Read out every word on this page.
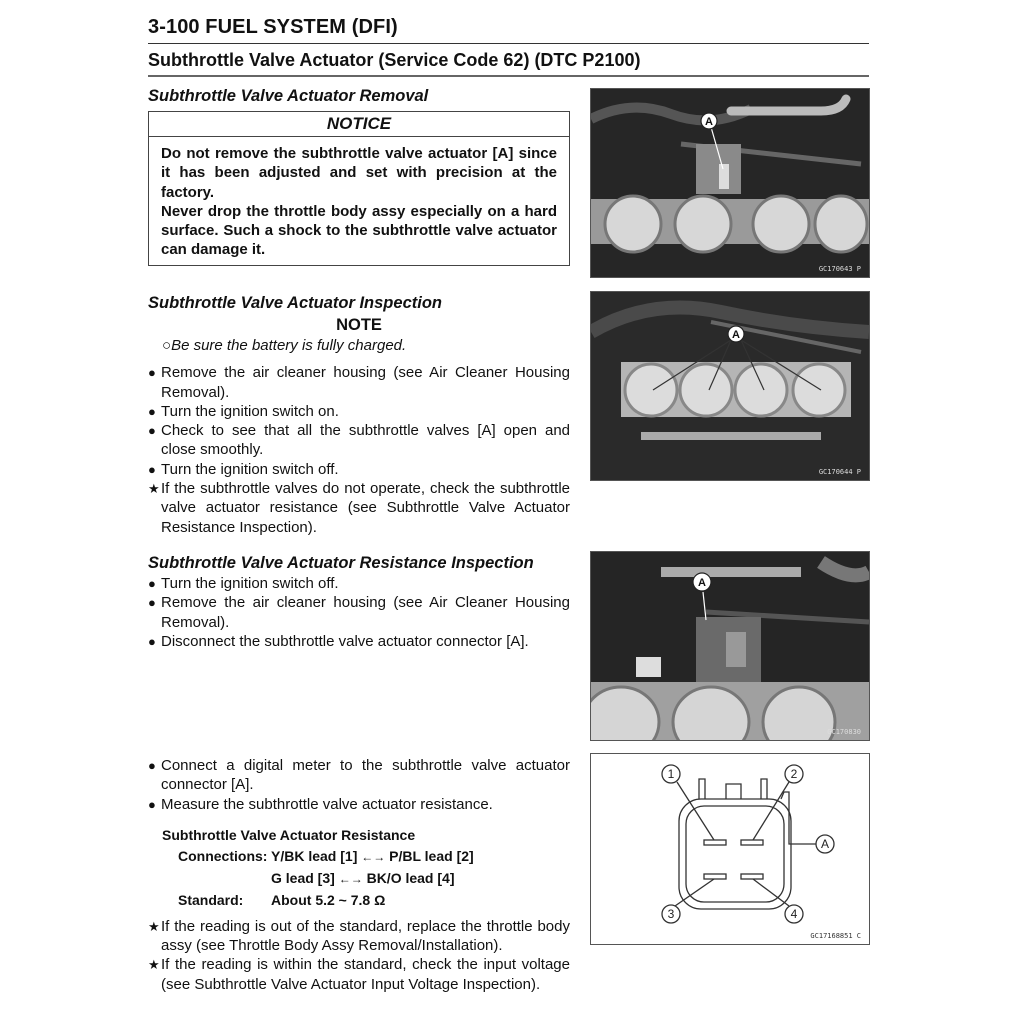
3-100 FUEL SYSTEM (DFI)
Subthrottle Valve Actuator (Service Code 62) (DTC P2100)
Subthrottle Valve Actuator Removal
NOTICE
Do not remove the subthrottle valve actuator [A] since it has been adjusted and set with precision at the factory.
Never drop the throttle body assy especially on a hard surface. Such a shock to the subthrottle valve actuator can damage it.
Subthrottle Valve Actuator Inspection
NOTE
○Be sure the battery is fully charged.
● Remove the air cleaner housing (see Air Cleaner Housing Removal).
● Turn the ignition switch on.
● Check to see that all the subthrottle valves [A] open and close smoothly.
● Turn the ignition switch off.
★ If the subthrottle valves do not operate, check the subthrottle valve actuator resistance (see Subthrottle Valve Actuator Resistance Inspection).
Subthrottle Valve Actuator Resistance Inspection
● Turn the ignition switch off.
● Remove the air cleaner housing (see Air Cleaner Housing Removal).
● Disconnect the subthrottle valve actuator connector [A].
● Connect a digital meter to the subthrottle valve actuator connector [A].
● Measure the subthrottle valve actuator resistance.
Subthrottle Valve Actuator Resistance
Connections: Y/BK lead [1] ←→ P/BL lead [2]
G lead [3] ←→ BK/O lead [4]
Standard:	About 5.2 ~ 7.8 Ω
★ If the reading is out of the standard, replace the throttle body assy (see Throttle Body Assy Removal/Installation).
★ If the reading is within the standard, check the input voltage (see Subthrottle Valve Actuator Input Voltage Inspection).
A
GC170643 P
A
GC170644 P
A
GC170830
1	2
3	4
A
GC17168851 C
